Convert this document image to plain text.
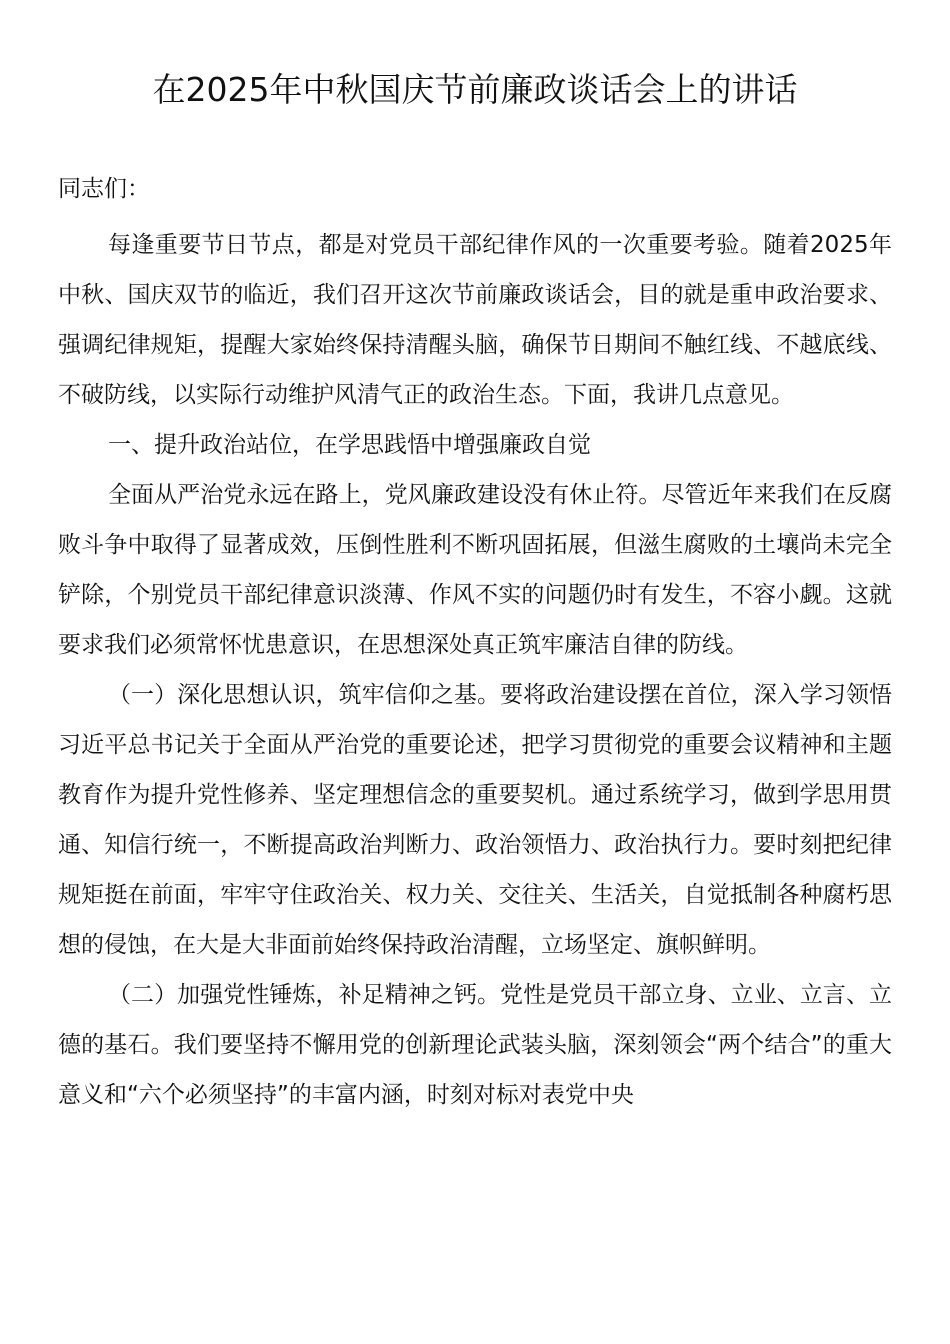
在2025年中秋国庆节前廉政谈话会上的讲话

同志们：

每逢重要节日节点，都是对党员干部纪律作风的一次重要考验。随着2025年中秋、国庆双节的临近，我们召开这次节前廉政谈话会，目的就是重申政治要求、强调纪律规矩，提醒大家始终保持清醒头脑，确保节日期间不触红线、不越底线、不破防线，以实际行动维护风清气正的政治生态。下面，我讲几点意见。

一、提升政治站位，在学思践悟中增强廉政自觉

全面从严治党永远在路上，党风廉政建设没有休止符。尽管近年来我们在反腐败斗争中取得了显著成效，压倒性胜利不断巩固拓展，但滋生腐败的土壤尚未完全铲除，个别党员干部纪律意识淡薄、作风不实的问题仍时有发生，不容小觑。这就要求我们必须常怀忧患意识，在思想深处真正筑牢廉洁自律的防线。

（一）深化思想认识，筑牢信仰之基。要将政治建设摆在首位，深入学习领悟习近平总书记关于全面从严治党的重要论述，把学习贯彻党的重要会议精神和主题教育作为提升党性修养、坚定理想信念的重要契机。通过系统学习，做到学思用贯通、知信行统一，不断提高政治判断力、政治领悟力、政治执行力。要时刻把纪律规矩挺在前面，牢牢守住政治关、权力关、交往关、生活关，自觉抵制各种腐朽思想的侵蚀，在大是大非面前始终保持政治清醒，立场坚定、旗帜鲜明。

（二）加强党性锤炼，补足精神之钙。党性是党员干部立身、立业、立言、立德的基石。我们要坚持不懈用党的创新理论武装头脑，深刻领会“两个结合”的重大意义和“六个必须坚持”的丰富内涵，时刻对标对表党中央
